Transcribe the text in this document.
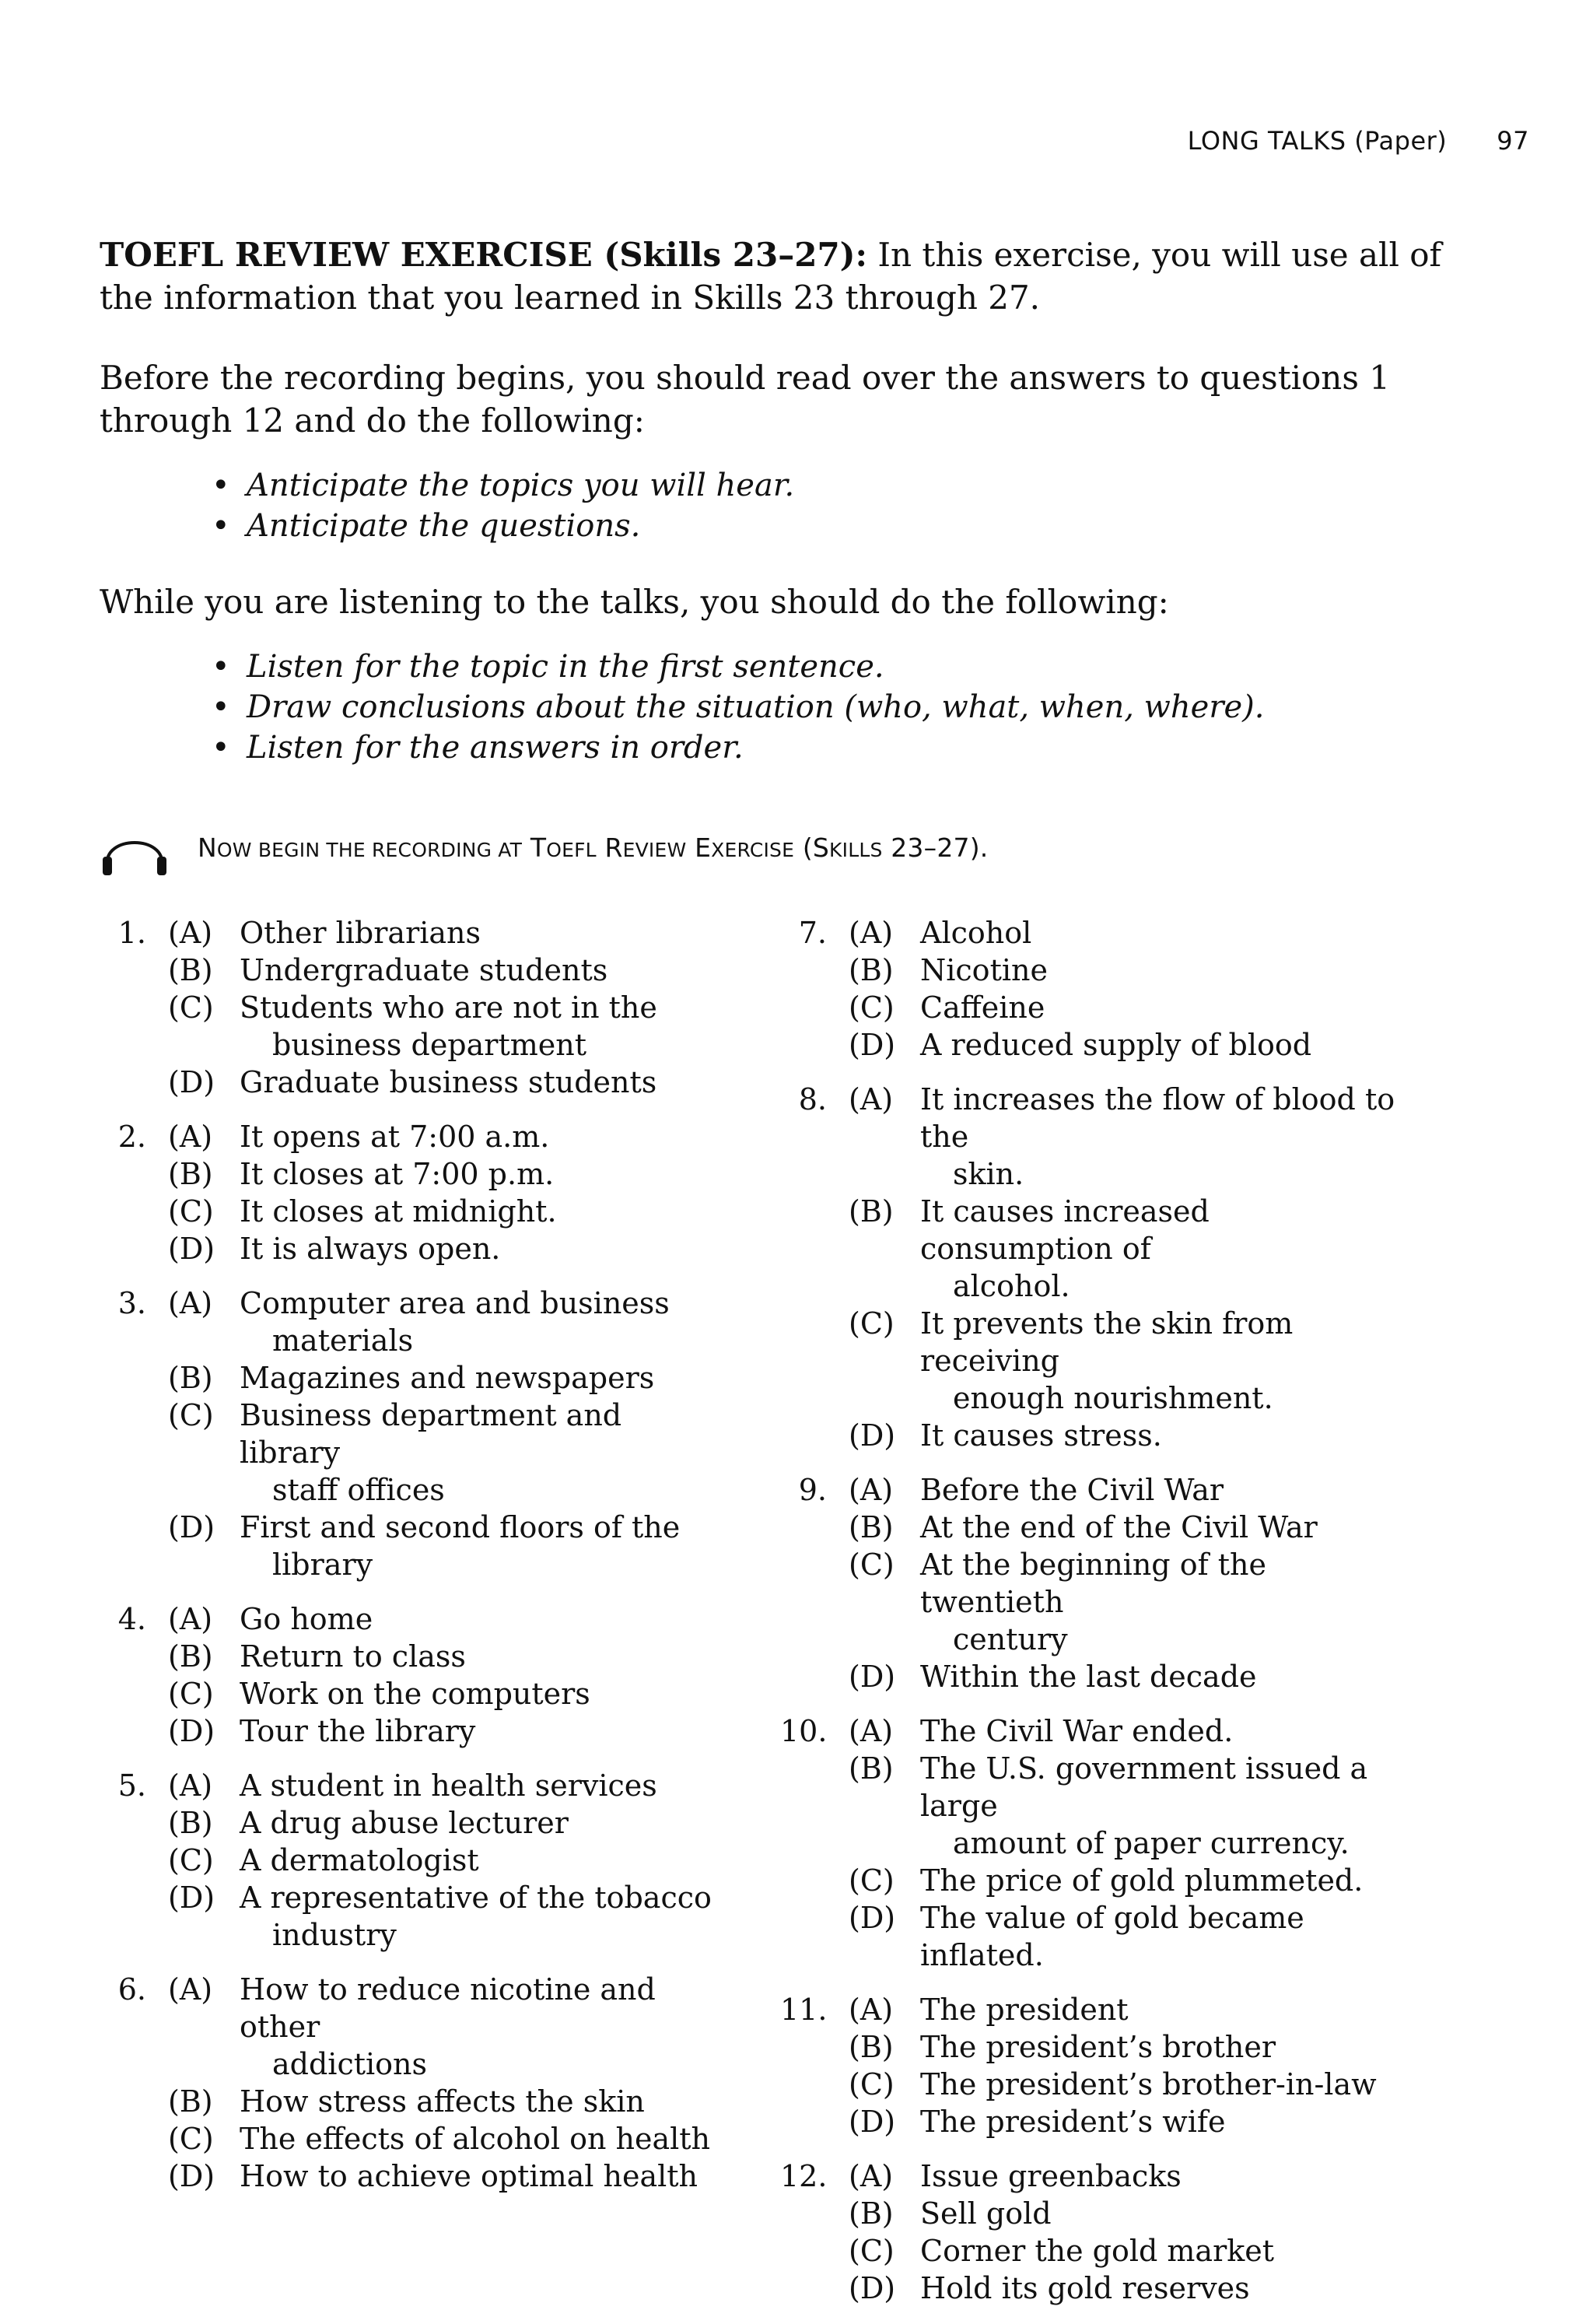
LONG TALKS (Paper) 97

TOEFL REVIEW EXERCISE (Skills 23–27): In this exercise, you will use all of the information that you learned in Skills 23 through 27.

Before the recording begins, you should read over the answers to questions 1 through 12 and do the following:

• Anticipate the topics you will hear.
• Anticipate the questions.

While you are listening to the talks, you should do the following:

• Listen for the topic in the first sentence.
• Draw conclusions about the situation (who, what, when, where).
• Listen for the answers in order.
NOW BEGIN THE RECORDING AT TOEFL REVIEW EXERCISE (SKILLS 23–27).
1. (A) Other librarians
(B) Undergraduate students
(C) Students who are not in the
business department
(D) Graduate business students
2. (A) It opens at 7:00 a.m.
(B) It closes at 7:00 p.m.
(C) It closes at midnight.
(D) It is always open.
3. (A) Computer area and business
materials
(B) Magazines and newspapers
(C) Business department and library
staff offices
(D) First and second floors of the
library
4. (A) Go home
(B) Return to class
(C) Work on the computers
(D) Tour the library
5. (A) A student in health services
(B) A drug abuse lecturer
(C) A dermatologist
(D) A representative of the tobacco
industry
6. (A) How to reduce nicotine and other
addictions
(B) How stress affects the skin
(C) The effects of alcohol on health
(D) How to achieve optimal health
7. (A) Alcohol
(B) Nicotine
(C) Caffeine
(D) A reduced supply of blood
8. (A) It increases the flow of blood to the
skin.
(B) It causes increased consumption of
alcohol.
(C) It prevents the skin from receiving
enough nourishment.
(D) It causes stress.
9. (A) Before the Civil War
(B) At the end of the Civil War
(C) At the beginning of the twentieth
century
(D) Within the last decade
10. (A) The Civil War ended.
(B) The U.S. government issued a large
amount of paper currency.
(C) The price of gold plummeted.
(D) The value of gold became inflated.
11. (A) The president
(B) The president’s brother
(C) The president’s brother-in-law
(D) The president’s wife
12. (A) Issue greenbacks
(B) Sell gold
(C) Corner the gold market
(D) Hold its gold reserves
